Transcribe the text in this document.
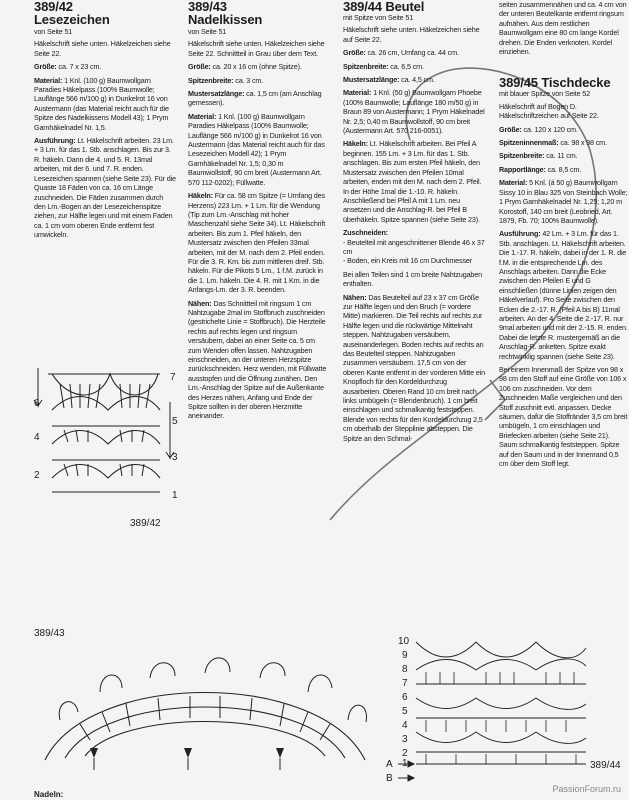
389/42
Lesezeichen
von Seite 51

Häkelschrift siehe unten. Häkelzeichen siehe Seite 22.

Größe: ca. 7 x 23 cm.

Material: 1 Knl. (100 g) Baumwollgarn Paradies Häkelpass (100% Baumwolle; Lauflänge 566 m/100 g) in Dunkelrot 16 von Austermann (das Material reicht auch für die Spitze des Nadelkissens Modell 43); 1 Prym Garnhäkelnadel Nr. 1,5.

Ausführung: Lt. Häkelschrift arbeiten. 23 Lm. + 3 Lm. für das 1. Stb. anschlagen. Bis zur 3. R. häkeln. Dann die 4. und 5. R. 13mal arbeiten, mit der 6. und 7. R. enden. Lesezeichen spannen (siehe Seite 23). Für die Quaste 18 Fäden von ca. 16 cm Länge zuschneiden. Die Fäden zusammen durch den Lm.-Bogen an der Lesezeichenspitze ziehen, zur Hälfte legen und mit einem Faden ca. 1 cm vom oberen Ende entfernt fest umwickeln.

7
6
5
4
3
2
1
389/42
389/43
Nadelkissen
von Seite 51

Häkelschrift siehe unten. Häkelzeichen siehe Seite 22. Schnittteil in Grau über dem Text.

Größe: ca. 20 x 16 cm (ohne Spitze).

Spitzenbreite: ca. 3 cm.

Mustersatzlänge: ca. 1,5 cm (am Anschlag gemessen).

Material: 1 Knl. (100 g) Baumwollgarn Paradies Häkelpass (100% Baumwolle; Lauflänge 566 m/100 g) in Dunkelrot 16 von Austermann (das Material reicht auch für das Lesezeichen Modell 42); 1 Prym Garnhäkelnadel Nr. 1,5; 0,30 m Baumwollstoff, 90 cm breit (Austermann Art. 570 112-0202); Füllwatte.

Häkeln: Für ca. 58 cm Spitze (= Umfang des Herzens) 223 Lm. + 1 Lm. für die Wendung (Tip zum Lm.-Anschlag mit hoher Maschenzahl siehe Seite 34). Lt. Häkelschrift arbeiten. Bis zum 1. Pfeil häkeln, den Mustersatz zwischen den Pfeilen 33mal arbeiten, mit der M. nach dem 2. Pfeil enden. Für die 3. R. Km. bis zum mittleren dreif. Stb. häkeln. Für die Pikots 5 Lm., 1 f.M. zurück in die 1. Lm. häkeln. Die 4. R. mit 1 Km. in die Anfangs-Lm. der 3. R. beenden.

Nähen: Das Schnittteil mit ringsum 1 cm Nahtzugabe 2mal im Stoffbruch zuschneiden (gestrichelte Linie = Stoffbruch). Die Herzteile rechts auf rechts legen und ringsum versäubern, dabei an einer Seite ca. 5 cm zum Wenden offen lassen. Nahtzugaben einschneiden, an der unteren Herzspitze zurückschneiden. Herz wenden, mit Füllwatte ausstopfen und die Öffnung zunähen. Den Lm.-Anschlag der Spitze auf die Außenkante des Herzes nähen, Anfang und Ende der Spitze sollten in der oberen Herzmitte aneinander.

389/44 Beutel
mit Spitze von Seite 51

Häkelschrift siehe unten. Häkelzeichen siehe auf Seite 22.

Größe: ca. 26 cm, Umfang ca. 44 cm.

Spitzenbreite: ca. 6,5 cm.

Mustersatzlänge: ca. 4,5 cm.

Material: 1 Knl. (50 g) Baumwollgarn Phoebe (100% Baumwolle; Lauflänge 180 m/50 g) in Braun 89 von Austermann; 1 Prym Häkelnadel Nr. 2,5; 0,40 m Baumwollstoff, 90 cm breit (Austermann Art. 570 216-0051).

Häkeln: Lt. Häkelschrift arbeiten. Bei Pfeil A beginnen. 155 Lm. + 3 Lm. für das 1. Stb. anschlagen. Bis zum ersten Pfeil häkeln, den Mustersatz zwischen den Pfeilen 10mal arbeiten, enden mit den M. nach dem 2. Pfeil. In der Höhe 1mal die 1.-10. R. häkeln. Anschließend bei Pfeil A mit 1 Lm. neu ansetzen und die Anschlag-R. bei Pfeil B überhäkeln. Spitze spannen (siehe Seite 23).

Zuschneiden:

- Beutelteil mit angeschnittener Blende 46 x 37 cm
- Boden, ein Kreis mit 16 cm Durchmesser

Bei allen Teilen sind 1 cm breite Nahtzugaben enthalten.

Nähen: Das Beutelteil auf 23 x 37 cm Größe zur Hälfte legen und den Bruch (= vordere Mitte) markieren. Die Teil rechts auf rechts zur Hälfte legen und die rückwärtige Mittelnaht steppen. Nahtzugaben versäubern, auseinanderlegen. Boden rechts auf rechts an das Beutelteil steppen. Nahtzugaben zusammen versäubern. 17,5 cm von der oberen Kante entfernt in der vorderen Mitte ein Knopfloch für den Kordeldurchzug ausarbeiten. Oberen Rand 10 cm breit nach links umbügeln (= Blendenbruch). 1 cm breit einschlagen und schmalkantig feststeppen. Blende von rechts für den Kordeldurchzug 2,5 cm oberhalb der Stepplinie absteppen. Die Spitze an den Schmal-

seiten zusammennähen und ca. 4 cm von der unteren Beutelkante entfernt ringsum aufnähen. Aus dem restlichen Baumwollgarn eine 80 cm lange Kordel drehen. Die Enden verknoten. Kordel einziehen.

389/45 Tischdecke
mit blauer Spitze von Seite 52

Häkelschrift auf Bogen D. Häkelschriftzeichen auf Seite 22.

Größe: ca. 120 x 120 cm.

Spitzeninnenmaß: ca. 98 x 98 cm.

Spitzenbreite: ca. 11 cm.

Rapportlänge: ca. 8,5 cm.

Material: 5 Knl. (á 50 g) Baumwollgarn Sissy 10 in Blau 325 von Steinbach Wolle; 1 Prym Garnhäkelnadel Nr. 1,25; 1,20 m Korostoff, 140 cm breit (Leobried, Art. 1879, Fb. 70; 100% Baumwolle).

Ausführung: 42 Lm. + 3 Lm. für das 1. Stb. anschlagen. Lt. Häkelschrift arbeiten. Die 1.-17. R. häkeln, dabei in der 1. R. die f.M. in die entsprechende Lm. des Anschlags arbeiten. Dann die Ecke zwischen den Pfeilen E und G einschließen (dünne Linien zeigen den Häkelverlauf). Pro Seite zwischen den Ecken die 2.-17. R. (Pfeil A bis B) 11mal arbeiten. An der 4. Seite die 2.-17. R. nur 9mal arbeiten und mit der 2.-15. R. enden. Dabei die letzte R. mustergemäß an die Anschlag-R. anketten. Spitze exakt rechtwinklig spannen (siehe Seite 23).

Bei einem Innenmaß der Spitze von 98 x 98 cm den Stoff auf eine Größe von 106 x 106 cm zuschneiden. Vor dem Zuschneiden Maße vergleichen und den Stoff zuschnitt evtl. anpassen. Decke säumen, dafür die Stoffränder 3,5 cm breit umbügeln, 1 cm einschlagen und Briefecken arbeiten (siehe Seite 21). Saum schmalkantig feststeppen. Spitze auf den Saum und in der Innenrand 0,5 cm über dem Stoff legt.

389/43
10
9
8
7
6
5
4
3
2
1
A
B
389/44
Nadeln:
PassionForum.ru
